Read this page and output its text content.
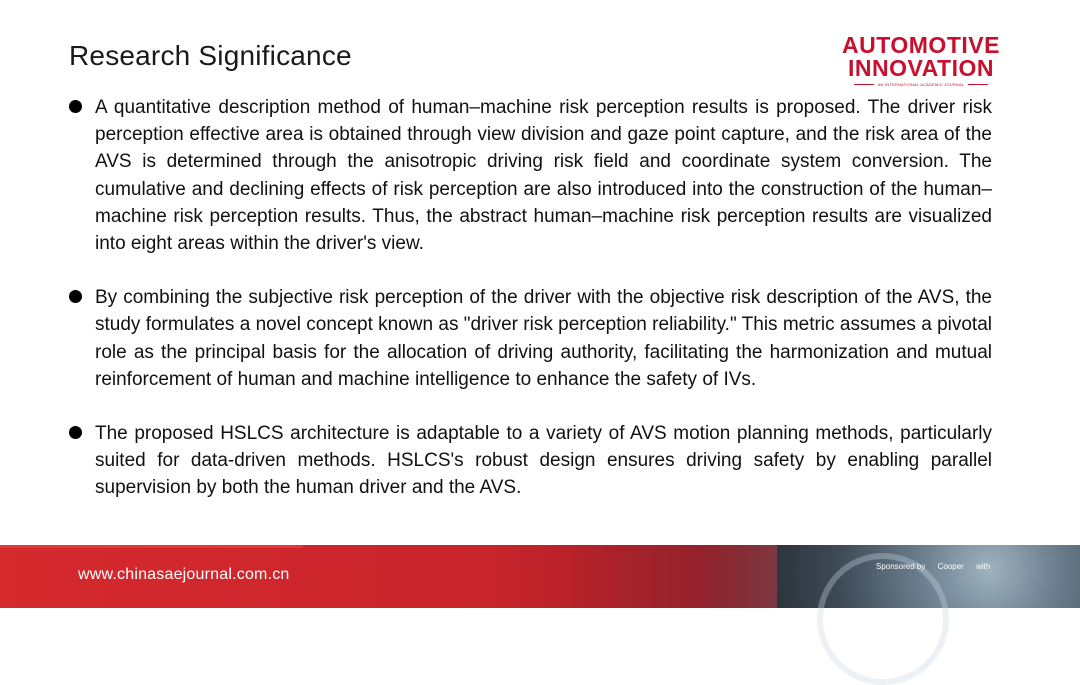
Research Significance	AUTOMOTIVE
INNOVATION
AN INTERNATIONAL ACADEMIC JOURNAL
A quantitative description method of human–machine risk perception results is proposed. The driver risk perception effective area is obtained through view division and gaze point capture, and the risk area of the AVS is determined through the anisotropic driving risk field and coordinate system conversion. The cumulative and declining effects of risk perception are also introduced into the construction of the human–machine risk perception results. Thus, the abstract human–machine risk perception results are visualized into eight areas within the driver's view.
By combining the subjective risk perception of the driver with the objective risk description of the AVS, the study formulates a novel concept known as "driver risk perception reliability." This metric assumes a pivotal role as the principal basis for the allocation of driving authority, facilitating the harmonization and mutual reinforcement of human and machine intelligence to enhance the safety of IVs.
The proposed HSLCS architecture is adaptable to a variety of AVS motion planning methods, particularly suited for data-driven methods. HSLCS's robust design ensures driving safety by enabling parallel supervision by both the human driver and the AVS.
www.chinasaejournal.com.cn	Sponsored by Cooper with
